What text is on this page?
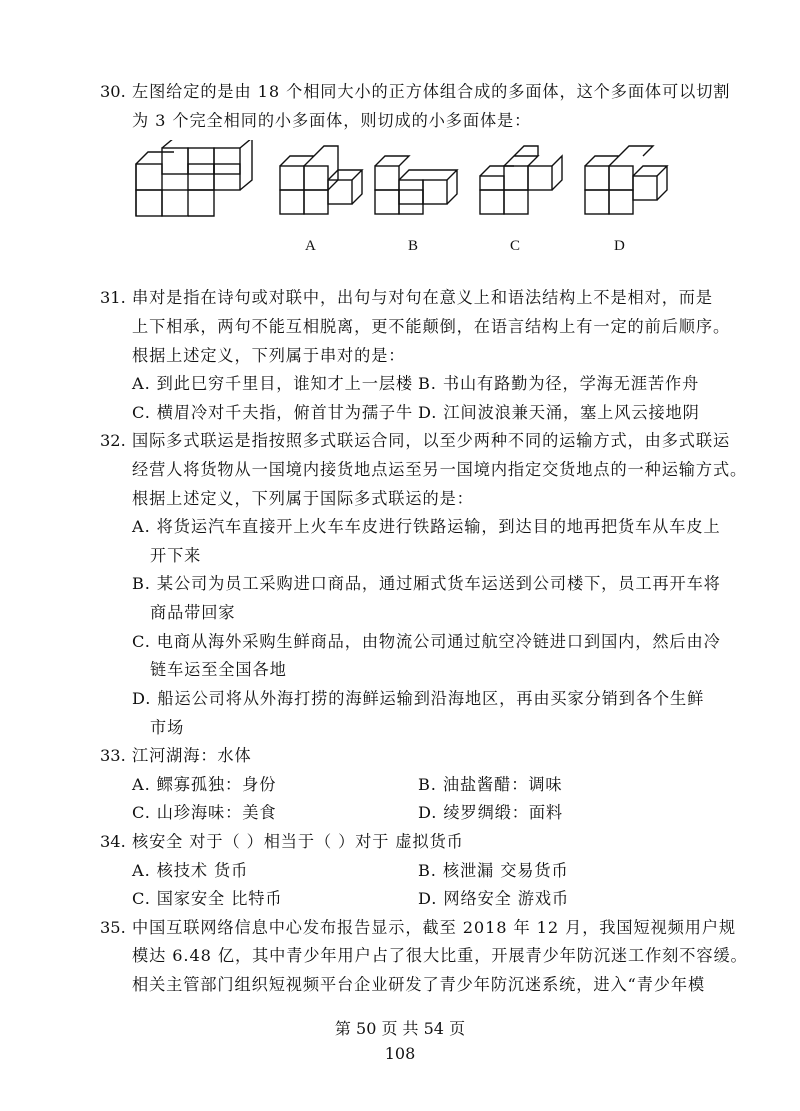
30. 左图给定的是由 18 个相同大小的正方体组合成的多面体，这个多面体可以切割
为 3 个完全相同的小多面体，则切成的小多面体是：
A	B	C	D
31. 串对是指在诗句或对联中，出句与对句在意义上和语法结构上不是相对，而是
上下相承，两句不能互相脱离，更不能颠倒，在语言结构上有一定的前后顺序。
根据上述定义，下列属于串对的是：
A. 到此巳穷千里目，谁知才上一层楼 B. 书山有路勤为径，学海无涯苦作舟
C. 横眉冷对千夫指，俯首甘为孺子牛 D. 江间波浪兼天涌，塞上风云接地阴
32. 国际多式联运是指按照多式联运合同，以至少两种不同的运输方式，由多式联运
经营人将货物从一国境内接货地点运至另一国境内指定交货地点的一种运输方式。
根据上述定义，下列属于国际多式联运的是：
A. 将货运汽车直接开上火车车皮进行铁路运输，到达目的地再把货车从车皮上
开下来
B. 某公司为员工采购进口商品，通过厢式货车运送到公司楼下，员工再开车将
商品带回家
C. 电商从海外采购生鲜商品，由物流公司通过航空冷链进口到国内，然后由冷
链车运至全国各地
D. 船运公司将从外海打捞的海鲜运输到沿海地区，再由买家分销到各个生鲜
市场
33. 江河湖海：水体
A. 鳏寡孤独：身份	B. 油盐酱醋：调味
C. 山珍海味：美食	D. 绫罗绸缎：面料
34. 核安全 对于（ ）相当于（ ）对于 虚拟货币
A. 核技术 货币	B. 核泄漏 交易货币
C. 国家安全 比特币	D. 网络安全 游戏币
35. 中国互联网络信息中心发布报告显示，截至 2018 年 12 月，我国短视频用户规
模达 6.48 亿，其中青少年用户占了很大比重，开展青少年防沉迷工作刻不容缓。
相关主管部门组织短视频平台企业研发了青少年防沉迷系统，进入“青少年模
第 50 页 共 54 页
108
